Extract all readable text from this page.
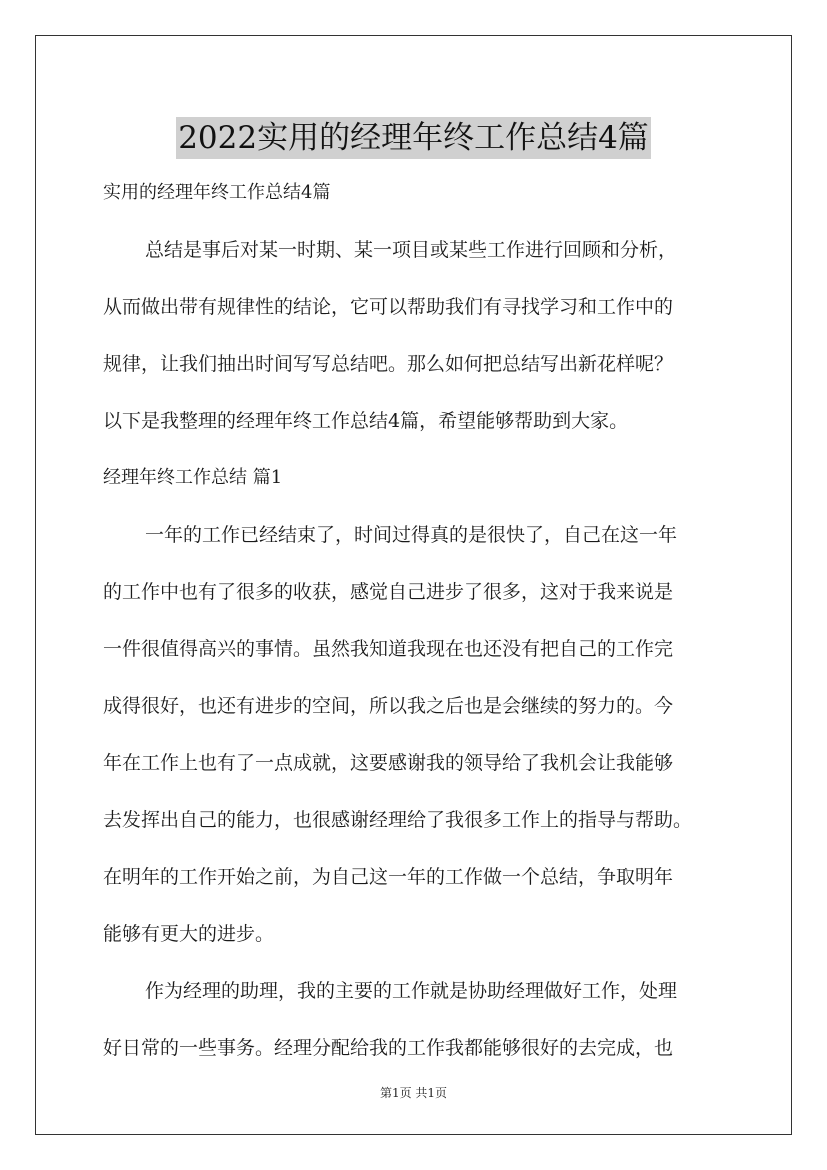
2022实用的经理年终工作总结4篇
实用的经理年终工作总结4篇
总结是事后对某一时期、某一项目或某些工作进行回顾和分析，
从而做出带有规律性的结论，它可以帮助我们有寻找学习和工作中的
规律，让我们抽出时间写写总结吧。那么如何把总结写出新花样呢？
以下是我整理的经理年终工作总结4篇，希望能够帮助到大家。
经理年终工作总结 篇1
一年的工作已经结束了，时间过得真的是很快了，自己在这一年
的工作中也有了很多的收获，感觉自己进步了很多，这对于我来说是
一件很值得高兴的事情。虽然我知道我现在也还没有把自己的工作完
成得很好，也还有进步的空间，所以我之后也是会继续的努力的。今
年在工作上也有了一点成就，这要感谢我的领导给了我机会让我能够
去发挥出自己的能力，也很感谢经理给了我很多工作上的指导与帮助。
在明年的工作开始之前，为自己这一年的工作做一个总结，争取明年
能够有更大的进步。
作为经理的助理，我的主要的工作就是协助经理做好工作，处理
好日常的一些事务。经理分配给我的工作我都能够很好的去完成，也
第1页 共1页
